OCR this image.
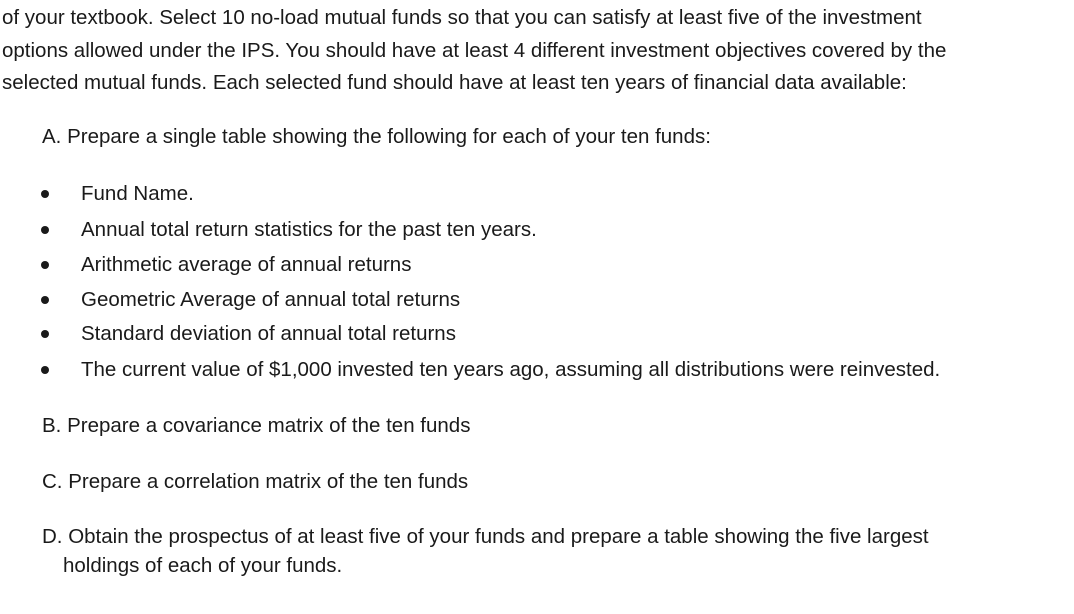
of your textbook. Select 10 no-load mutual funds so that you can satisfy at least five of the investment
options allowed under the IPS. You should have at least 4 different investment objectives covered by the
selected mutual funds. Each selected fund should have at least ten years of financial data available:

A. Prepare a single table showing the following for each of your ten funds:

Fund Name.
Annual total return statistics for the past ten years.
Arithmetic average of annual returns
Geometric Average of annual total returns
Standard deviation of annual total returns
The current value of $1,000 invested ten years ago, assuming all distributions were reinvested.

B. Prepare a covariance matrix of the ten funds

C. Prepare a correlation matrix of the ten funds

D. Obtain the prospectus of at least five of your funds and prepare a table showing the five largest
holdings of each of your funds.
